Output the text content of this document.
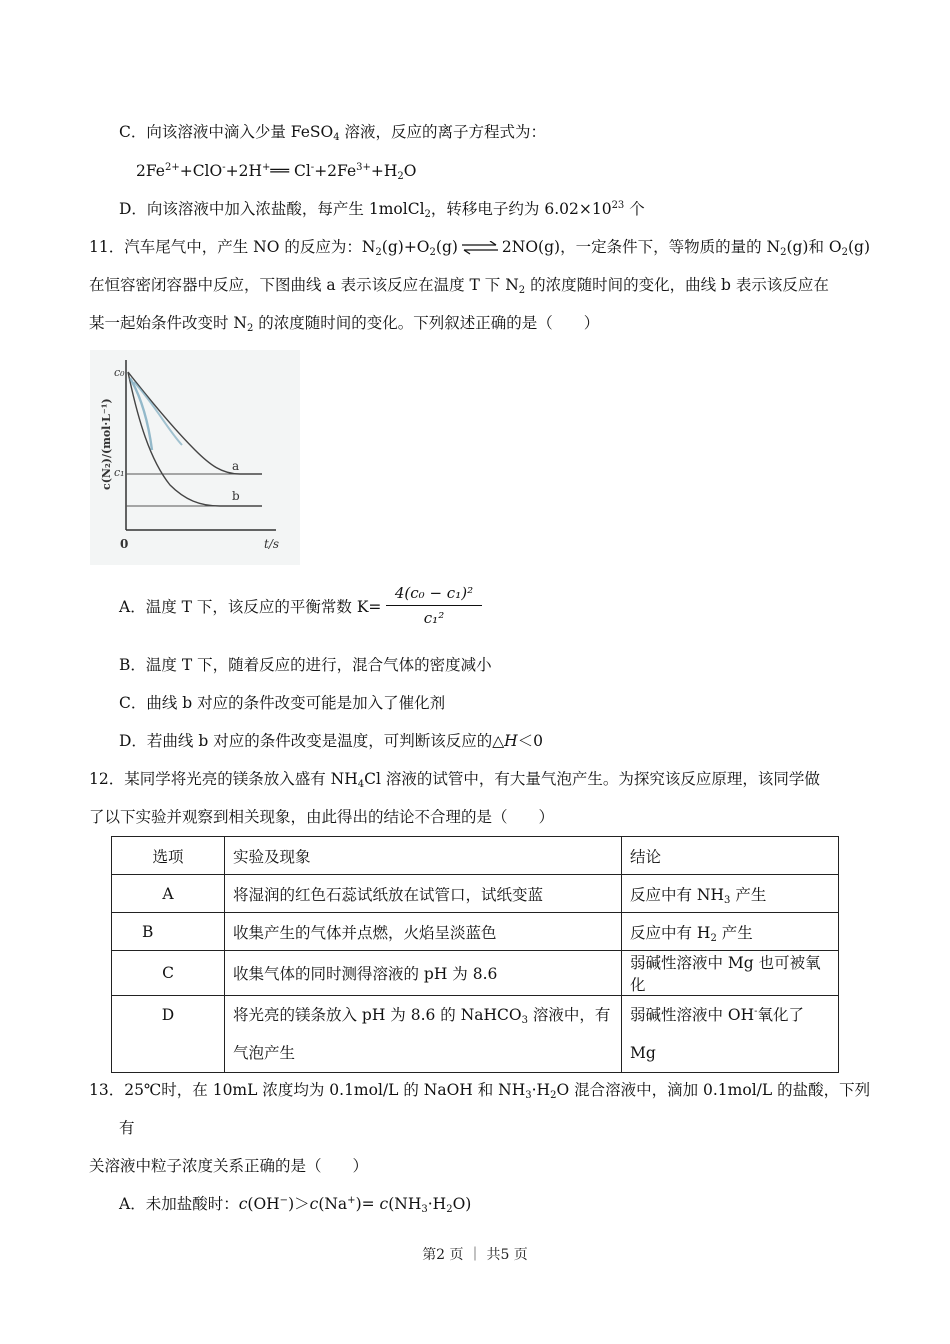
C．向该溶液中滴入少量 FeSO$_4$ 溶液，反应的离子方程式为：
$2Fe^{2+}+ClO^-+2H^+══$ $Cl^-+2Fe^{3+}+H_2O$
D．向该溶液中加入浓盐酸，每产生 1molCl$_2$，转移电子约为 $6.02\times 10^{23}$ 个
11．汽车尾气中，产生 NO 的反应为：$N_2(g)+O_2(g)$ ⇌ 2NO(g)，一定条件下，等物质的量的 $N_2(g)$和 $O_2(g)$
在恒容密闭容器中反应，下图曲线 a 表示该反应在温度 T 下 $N_2$ 的浓度随时间的变化，曲线 b 表示该反应在
某一起始条件改变时 $N_2$ 的浓度随时间的变化。下列叙述正确的是（　　）
c₀
c₁	a
b
0	t/s
c(N₂)/(mol·L⁻¹)
A．温度 T 下，该反应的平衡常数 K=
4(c₀ − c₁)²
c₁²
B．温度 T 下，随着反应的进行，混合气体的密度减小
C．曲线 b 对应的条件改变可能是加入了催化剂
D．若曲线 b 对应的条件改变是温度，可判断该反应的△H＜0
12．某同学将光亮的镁条放入盛有 $NH_4Cl$ 溶液的试管中，有大量气泡产生。为探究该反应原理，该同学做
了以下实验并观察到相关现象，由此得出的结论不合理的是（　　）
选项	实验及现象	结论
A	将湿润的红色石蕊试纸放在试管口，试纸变蓝	反应中有 $NH_3$ 产生
B	收集产生的气体并点燃，火焰呈淡蓝色	反应中有 $H_2$ 产生
C	收集气体的同时测得溶液的 pH 为 8.6	弱碱性溶液中 Mg 也可被氧化
D	将光亮的镁条放入 pH 为 8.6 的 NaHCO$_3$ 溶液中，有
气泡产生	弱碱性溶液中 OH-氧化了 Mg
13．25℃时，在 10mL 浓度均为 0.1mol/L 的 NaOH 和 $NH_3\cdot H_2O$ 混合溶液中，滴加 0.1mol/L 的盐酸，下列
有
关溶液中粒子浓度关系正确的是（　　）
A．未加盐酸时：$c(OH^-)>c(Na^+)= c(NH_3\cdot H_2O)$
第2 页 ｜ 共5 页
